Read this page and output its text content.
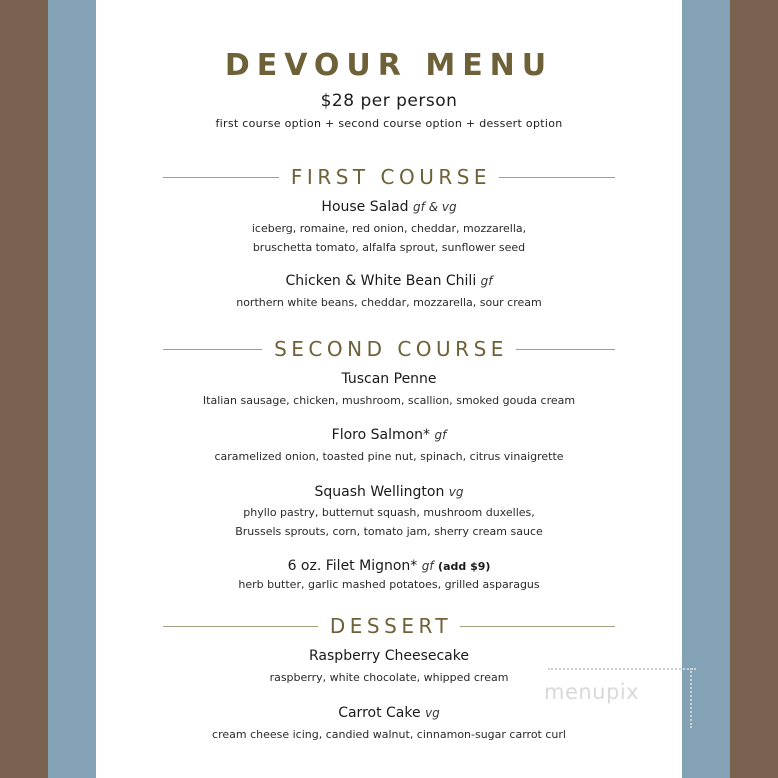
DEVOUR MENU
$28 per person
first course option + second course option + dessert option
FIRST COURSE
House Salad gf & vg
iceberg, romaine, red onion, cheddar, mozzarella,
bruschetta tomato, alfalfa sprout, sunflower seed
Chicken & White Bean Chili gf
northern white beans, cheddar, mozzarella, sour cream
SECOND COURSE
Tuscan Penne
Italian sausage, chicken, mushroom, scallion, smoked gouda cream
Floro Salmon* gf
caramelized onion, toasted pine nut, spinach, citrus vinaigrette
Squash Wellington vg
phyllo pastry, butternut squash, mushroom duxelles,
Brussels sprouts, corn, tomato jam, sherry cream sauce
6 oz. Filet Mignon* gf (add $9)
herb butter, garlic mashed potatoes, grilled asparagus
DESSERT
Raspberry Cheesecake
raspberry, white chocolate, whipped cream
Carrot Cake vg
cream cheese icing, candied walnut, cinnamon-sugar carrot curl
menupix
